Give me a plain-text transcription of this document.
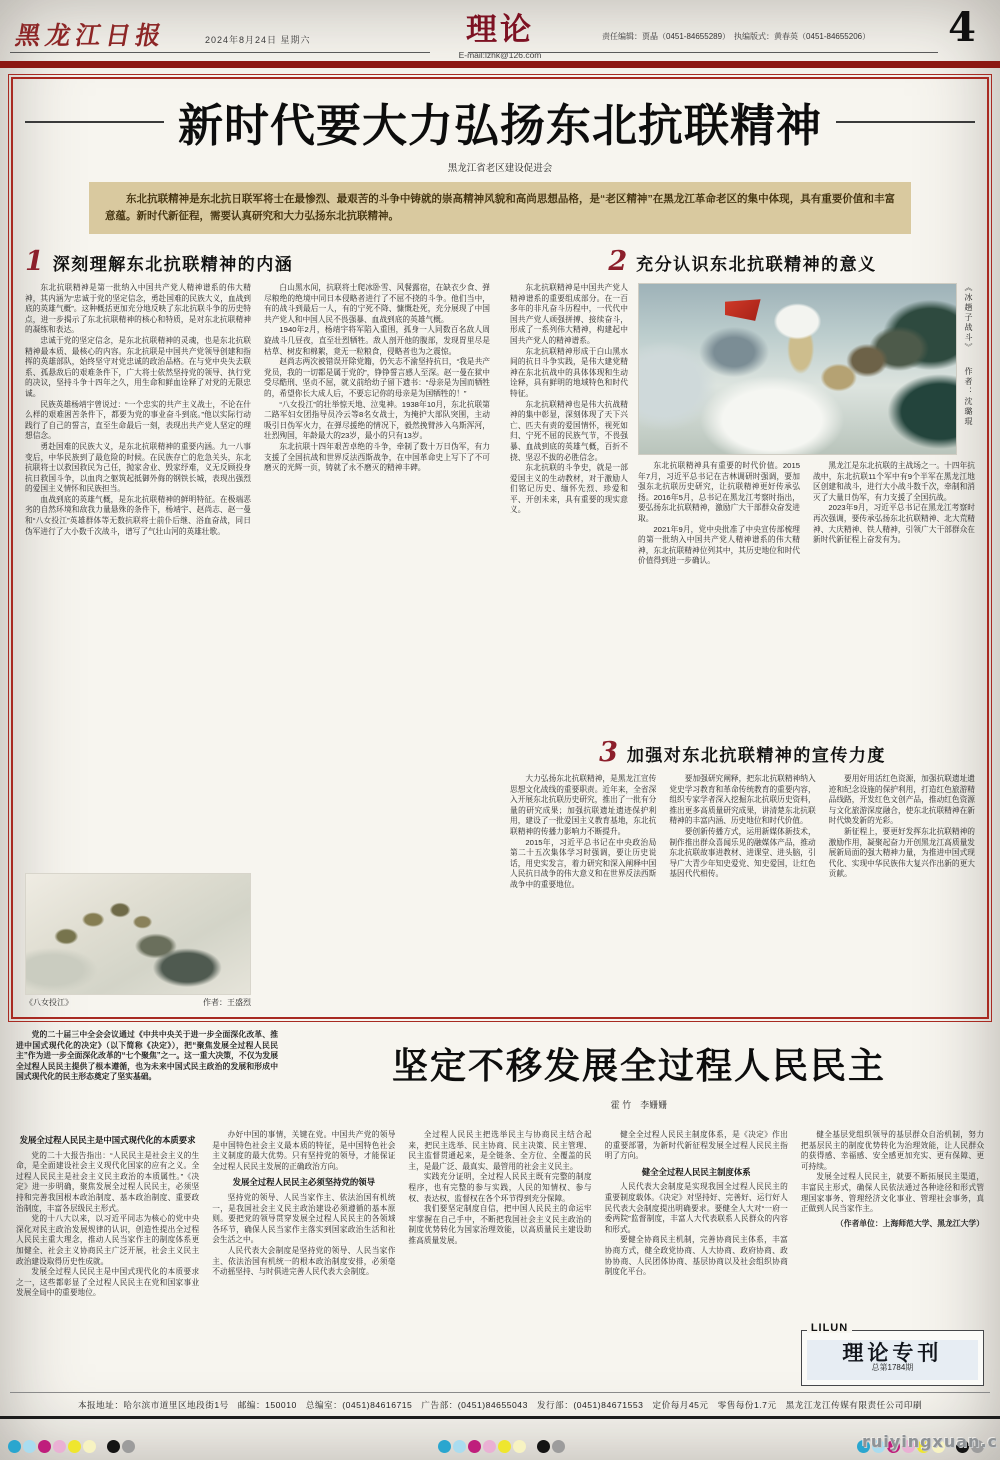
黑龙江日报	2024年8月24日 星期六	理论
E-mail:lzhk@126.com
责任编辑：贾晶（0451-84655289）　执编版式：黄春英（0451-84655206） 4
新时代要大力弘扬东北抗联精神
黑龙江省老区建设促进会
东北抗联精神是东北抗日联军将士在最惨烈、最艰苦的斗争中铸就的崇高精神风貌和高尚思想品格，是“老区精神”在黑龙江革命老区的集中体现，具有重要价值和丰富意蕴。新时代新征程，需要认真研究和大力弘扬东北抗联精神。
1 深刻理解东北抗联精神的内涵

东北抗联精神是第一批纳入中国共产党人精神谱系的伟大精神，其内涵为“忠诚于党的坚定信念，勇赴国难的民族大义，血战到底的英雄气概”。这种概括更加充分地反映了东北抗联斗争的历史特点，进一步揭示了东北抗联精神的核心和特质，是对东北抗联精神的凝练和表达。

忠诚于党的坚定信念，是东北抗联精神的灵魂，也是东北抗联精神最本质、最核心的内容。东北抗联是中国共产党领导创建和指挥的英雄部队，始终坚守对党忠诚的政治品格。在与党中央失去联系、孤悬敌后的艰难条件下，广大将士依然坚持党的领导、执行党的决议，坚持斗争十四年之久，用生命和鲜血诠释了对党的无限忠诚。

民族英雄杨靖宇曾说过：“一个忠实的共产主义战士，不论在什么样的艰难困苦条件下，都要为党的事业奋斗到底。”他以实际行动践行了自己的誓言，直至生命最后一刻，表现出共产党人坚定的理想信念。

勇赴国难的民族大义，是东北抗联精神的重要内涵。九一八事变后，中华民族到了最危险的时候。在民族存亡的危急关头，东北抗联将士以救国救民为己任，抛家舍业、毁家纾难，义无反顾投身抗日救国斗争，以血肉之躯筑起抵御外侮的钢铁长城，表现出强烈的爱国主义情怀和民族担当。

血战到底的英雄气概，是东北抗联精神的鲜明特征。在极端恶劣的自然环境和敌我力量悬殊的条件下，杨靖宇、赵尚志、赵一曼和“八女投江”英雄群体等无数抗联将士前仆后继、浴血奋战，同日伪军进行了大小数千次战斗，谱写了气壮山河的英雄壮歌。

《八女投江》	作者：王盛烈

白山黑水间，抗联将士爬冰卧雪、风餐露宿，在缺衣少食、弹尽粮绝的绝境中同日本侵略者进行了不屈不挠的斗争。他们当中，有的战斗到最后一人，有的宁死不降、慷慨赴死，充分展现了中国共产党人和中国人民不畏强暴、血战到底的英雄气概。

1940年2月，杨靖宇将军陷入重围，孤身一人同数百名敌人周旋战斗几昼夜，直至壮烈牺牲。敌人剖开他的腹部，发现胃里尽是枯草、树皮和棉絮，竟无一粒粮食，侵略者也为之震惊。

赵尚志两次被错误开除党籍，仍矢志不渝坚持抗日，“我是共产党员，我的一切都是属于党的”，铮铮誓言感人至深。赵一曼在狱中受尽酷刑、坚贞不屈，就义前给幼子留下遗书：“母亲是为国而牺牲的，希望你长大成人后，不要忘记你的母亲是为国牺牲的！”

“八女投江”的壮举惊天地、泣鬼神。1938年10月，东北抗联第二路军妇女团指导员冷云等8名女战士，为掩护大部队突围，主动吸引日伪军火力，在弹尽援绝的情况下，毅然挽臂涉入乌斯浑河，壮烈殉国，年龄最大的23岁，最小的只有13岁。

东北抗联十四年艰苦卓绝的斗争，牵制了数十万日伪军，有力支援了全国抗战和世界反法西斯战争，在中国革命史上写下了不可磨灭的光辉一页，铸就了永不磨灭的精神丰碑。

2 充分认识东北抗联精神的意义

东北抗联精神是中国共产党人精神谱系的重要组成部分。在一百多年的非凡奋斗历程中，一代代中国共产党人顽强拼搏、接续奋斗，形成了一系列伟大精神，构建起中国共产党人的精神谱系。

东北抗联精神形成于白山黑水间的抗日斗争实践，是伟大建党精神在东北抗战中的具体体现和生动诠释，具有鲜明的地域特色和时代特征。

东北抗联精神也是伟大抗战精神的集中彰显，深刻体现了天下兴亡、匹夫有责的爱国情怀，视死如归、宁死不屈的民族气节，不畏强暴、血战到底的英雄气概，百折不挠、坚忍不拔的必胜信念。

东北抗联的斗争史，就是一部爱国主义的生动教材，对于激励人们铭记历史、缅怀先烈、珍爱和平、开创未来，具有重要的现实意义。

《冰趟子战斗》
作者：沈璐琨

东北抗联精神具有重要的时代价值。2015年7月，习近平总书记在吉林调研时强调，要加强东北抗联历史研究，让抗联精神更好传承弘扬。2016年5月，总书记在黑龙江考察时指出，要弘扬东北抗联精神，激励广大干部群众奋发进取。

2021年9月，党中央批准了中央宣传部梳理的第一批纳入中国共产党人精神谱系的伟大精神，东北抗联精神位列其中，其历史地位和时代价值得到进一步确认。

黑龙江是东北抗联的主战场之一。十四年抗战中，东北抗联11个军中有9个半军在黑龙江地区创建和战斗，进行大小战斗数千次，牵制和消灭了大量日伪军，有力支援了全国抗战。

2023年9月，习近平总书记在黑龙江考察时再次强调，要传承弘扬东北抗联精神、北大荒精神、大庆精神、铁人精神，引领广大干部群众在新时代新征程上奋发有为。

3 加强对东北抗联精神的宣传力度

大力弘扬东北抗联精神，是黑龙江宣传思想文化战线的重要职责。近年来，全省深入开展东北抗联历史研究，推出了一批有分量的研究成果；加强抗联遗址遗迹保护利用，建设了一批爱国主义教育基地，东北抗联精神的传播力影响力不断提升。

2015年，习近平总书记在中央政治局第二十五次集体学习时强调，要让历史说话，用史实发言，着力研究和深入阐释中国人民抗日战争的伟大意义和在世界反法西斯战争中的重要地位。

要加强研究阐释，把东北抗联精神纳入党史学习教育和革命传统教育的重要内容，组织专家学者深入挖掘东北抗联历史资料，推出更多高质量研究成果，讲清楚东北抗联精神的丰富内涵、历史地位和时代价值。

要创新传播方式，运用新媒体新技术，制作推出群众喜闻乐见的融媒体产品，推动东北抗联故事进教材、进课堂、进头脑，引导广大青少年知史爱党、知史爱国，让红色基因代代相传。

要用好用活红色资源，加强抗联遗址遗迹和纪念设施的保护利用，打造红色旅游精品线路，开发红色文创产品，推动红色资源与文化旅游深度融合，使东北抗联精神在新时代焕发新的光彩。

新征程上，要更好发挥东北抗联精神的激励作用，凝聚起奋力开创黑龙江高质量发展新局面的强大精神力量，为推进中国式现代化、实现中华民族伟大复兴作出新的更大贡献。

党的二十届三中全会会议通过《中共中央关于进一步全面深化改革、推进中国式现代化的决定》（以下简称《决定》），把“聚焦发展全过程人民民主”作为进一步全面深化改革的“七个聚焦”之一。这一重大决策，不仅为发展全过程人民民主提供了根本遵循，也为未来中国式民主政治的发展和形成中国式现代化的民主形态奠定了坚实基础。	坚定不移发展全过程人民民主
霍 竹　李姗姗
发展全过程人民民主是中国式现代化的本质要求

党的二十大报告指出：“人民民主是社会主义的生命，是全面建设社会主义现代化国家的应有之义。全过程人民民主是社会主义民主政治的本质属性。”《决定》进一步明确，聚焦发展全过程人民民主，必须坚持和完善我国根本政治制度、基本政治制度、重要政治制度，丰富各层级民主形式。

党的十八大以来，以习近平同志为核心的党中央深化对民主政治发展规律的认识，创造性提出全过程人民民主重大理念，推动人民当家作主的制度体系更加健全、社会主义协商民主广泛开展，社会主义民主政治建设取得历史性成就。

发展全过程人民民主是中国式现代化的本质要求之一，这些都彰显了全过程人民民主在党和国家事业发展全局中的重要地位。

办好中国的事情，关键在党。中国共产党的领导是中国特色社会主义最本质的特征，是中国特色社会主义制度的最大优势。只有坚持党的领导，才能保证全过程人民民主发展的正确政治方向。

发展全过程人民民主必须坚持党的领导

坚持党的领导、人民当家作主、依法治国有机统一，是我国社会主义民主政治建设必须遵循的基本原则。要把党的领导贯穿发展全过程人民民主的各领域各环节，确保人民当家作主落实到国家政治生活和社会生活之中。

人民代表大会制度是坚持党的领导、人民当家作主、依法治国有机统一的根本政治制度安排，必须毫不动摇坚持、与时俱进完善人民代表大会制度。

全过程人民民主把选举民主与协商民主结合起来，把民主选举、民主协商、民主决策、民主管理、民主监督贯通起来，是全链条、全方位、全覆盖的民主，是最广泛、最真实、最管用的社会主义民主。

实践充分证明，全过程人民民主既有完整的制度程序，也有完整的参与实践，人民的知情权、参与权、表达权、监督权在各个环节得到充分保障。

我们要坚定制度自信，把中国人民民主的命运牢牢掌握在自己手中，不断把我国社会主义民主政治的制度优势转化为国家治理效能，以高质量民主建设助推高质量发展。

健全全过程人民民主制度体系，是《决定》作出的重要部署，为新时代新征程发展全过程人民民主指明了方向。

健全全过程人民民主制度体系

人民代表大会制度是实现我国全过程人民民主的重要制度载体。《决定》对坚持好、完善好、运行好人民代表大会制度提出明确要求。要健全人大对“一府一委两院”监督制度，丰富人大代表联系人民群众的内容和形式。

要健全协商民主机制，完善协商民主体系，丰富协商方式，健全政党协商、人大协商、政府协商、政协协商、人民团体协商、基层协商以及社会组织协商制度化平台。

健全基层党组织领导的基层群众自治机制，努力把基层民主的制度优势转化为治理效能，让人民群众的获得感、幸福感、安全感更加充实、更有保障、更可持续。

发展全过程人民民主，就要不断拓展民主渠道，丰富民主形式，确保人民依法通过各种途径和形式管理国家事务、管理经济文化事业、管理社会事务，真正做到人民当家作主。

（作者单位：上海师范大学、黑龙江大学）
LILUN
理论专刊
总第1784期
本报地址：哈尔滨市道里区地段街1号　邮编：150010　总编室：(0451)84616715　广告部：(0451)84655043　发行部：(0451)84671553　定价每月45元　零售每份1.7元　黑龙江龙江传媒有限责任公司印刷
ruiyingxuan.c
